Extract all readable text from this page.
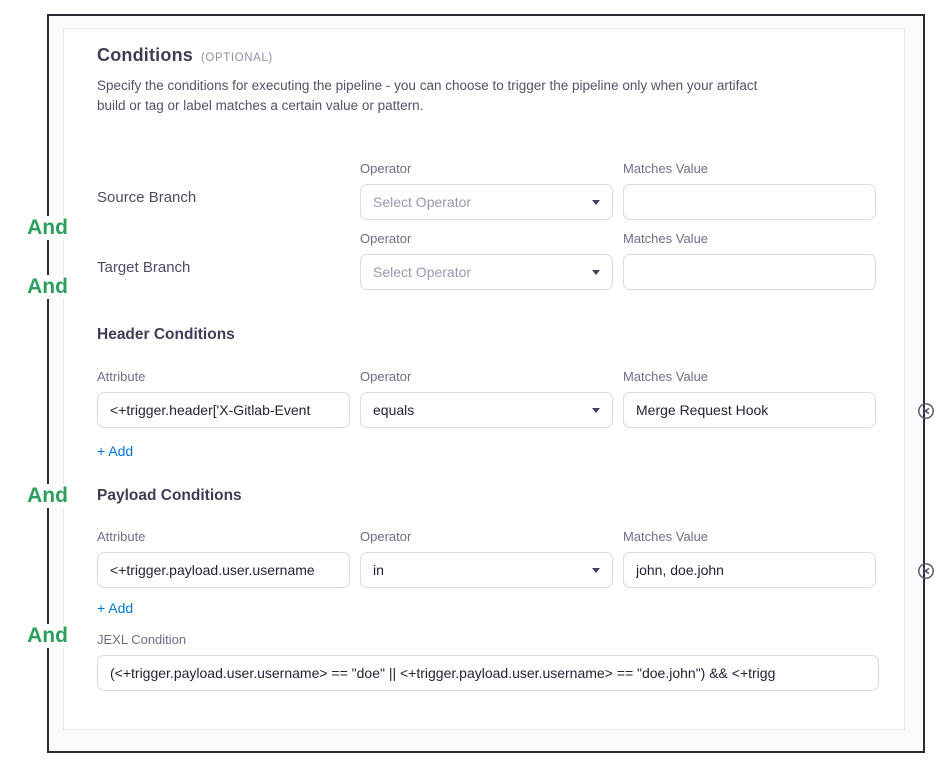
Conditions (OPTIONAL)
Specify the conditions for executing the pipeline - you can choose to trigger the pipeline only when your artifact build or tag or label matches a certain value or pattern.
Source Branch
Operator
Select Operator
Matches Value
Target Branch
Operator
Select Operator
Matches Value
Header Conditions
Attribute
<+trigger.header['X-Gitlab-Event	Operator
equals
Matches Value
Merge Request Hook
+ Add
Payload Conditions
Attribute
<+trigger.payload.user.username	Operator
in
Matches Value
john, doe.john
+ Add
JEXL Condition
(<+trigger.payload.user.username> == "doe" || <+trigger.payload.user.username> == "doe.john") && <+trigg
And
And
And
And
